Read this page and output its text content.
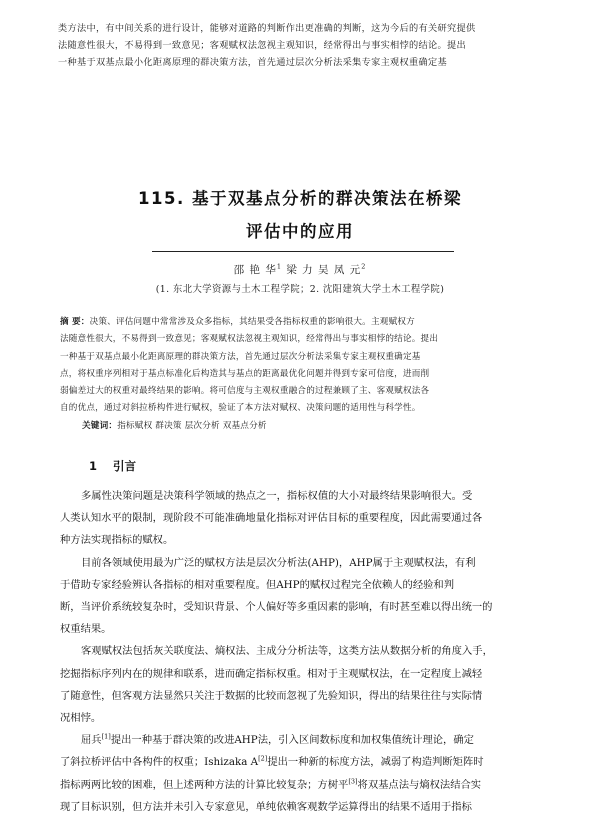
类方法中，有中间关系的进行设计，能够对道路的判断作出更准确的判断，这为今后的有关研究提供
法随意性很大，不易得到一致意见；客观赋权法忽视主观知识，经常得出与事实相悖的结论。提出
一种基于双基点最小化距离原理的群决策方法，首先通过层次分析法采集专家主观权重确定基
115. 基于双基点分析的群决策法在桥梁
评估中的应用
邵 艳 华$^1$ 梁 力 吴 凤 元$^2$
(1. 东北大学资源与土木工程学院；2. 沈阳建筑大学土木工程学院)
摘 要：决策、评估问题中常常涉及众多指标，其结果受各指标权重的影响很大。主观赋权方
法随意性很大，不易得到一致意见；客观赋权法忽视主观知识，经常得出与事实相悖的结论。提出
一种基于双基点最小化距离原理的群决策方法，首先通过层次分析法采集专家主观权重确定基
点，将权重序列相对于基点标准化后构造其与基点的距离最优化问题并得到专家可信度，进而削
弱偏差过大的权重对最终结果的影响。将可信度与主观权重融合的过程兼顾了主、客观赋权法各
自的优点，通过对斜拉桥构件进行赋权，验证了本方法对赋权、决策问题的适用性与科学性。
关键词：指标赋权 群决策 层次分析 双基点分析
1 引言
多属性决策问题是决策科学领域的热点之一，指标权值的大小对最终结果影响很大。受
人类认知水平的限制，现阶段不可能准确地量化指标对评估目标的重要程度，因此需要通过各
种方法实现指标的赋权。
目前各领域使用最为广泛的赋权方法是层次分析法(AHP)，AHP属于主观赋权法，有利
于借助专家经验辨认各指标的相对重要程度。但AHP的赋权过程完全依赖人的经验和判
断，当评价系统较复杂时，受知识背景、个人偏好等多重因素的影响，有时甚至难以得出统一的
权重结果。
客观赋权法包括灰关联度法、熵权法、主成分分析法等，这类方法从数据分析的角度入手，
挖掘指标序列内在的规律和联系，进而确定指标权重。相对于主观赋权法，在一定程度上减轻
了随意性，但客观方法显然只关注于数据的比较而忽视了先验知识，得出的结果往往与实际情
况相悖。
屈兵[1]提出一种基于群决策的改进AHP法，引入区间数标度和加权集值统计理论，确定
了斜拉桥评估中各构件的权重；Ishizaka A[2]提出一种新的标度方法，减弱了构造判断矩阵时
指标两两比较的困难，但上述两种方法的计算比较复杂；方树平[3]将双基点法与熵权法结合实
现了目标识别，但方法并未引入专家意见，单纯依赖客观数学运算得出的结果不适用于指标
